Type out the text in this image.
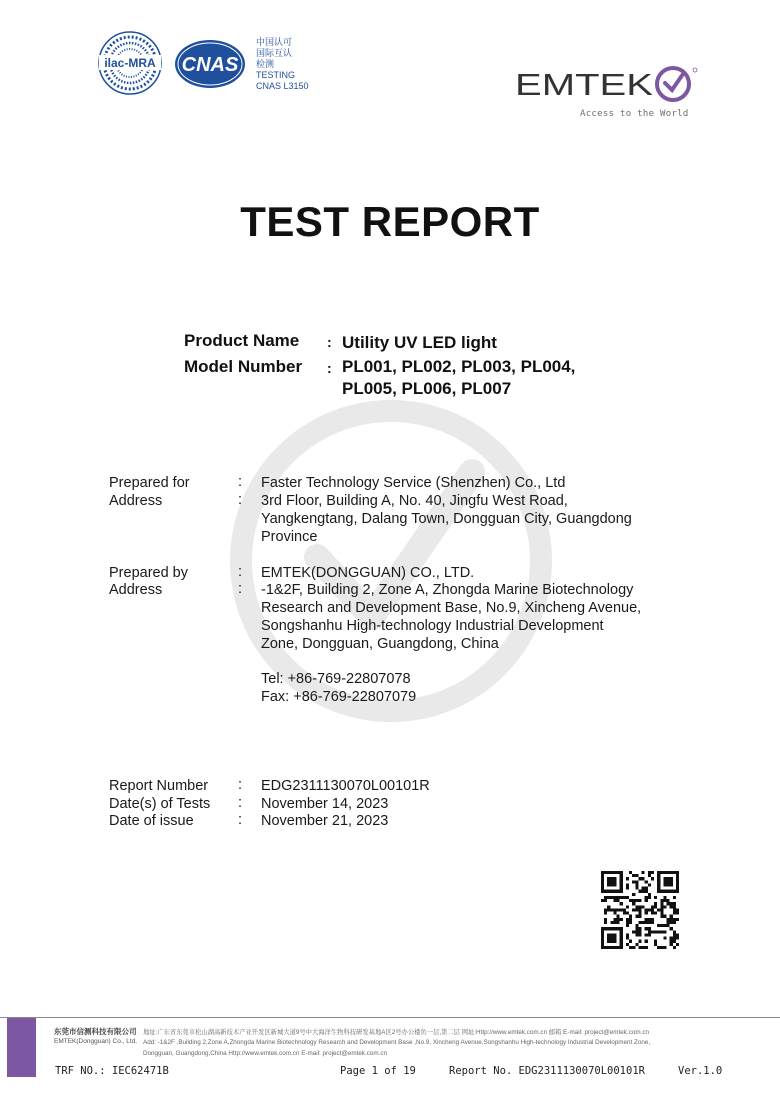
ilac-MRA CNAS
中国认可
国际互认
检测
TESTING
CNAS L3150	EMTEK
Access to the World
TEST REPORT
Product Name : Utility UV LED light
Model Number : PL001, PL002, PL003, PL004,
PL005, PL006, PL007
Prepared for	: Faster Technology Service (Shenzhen) Co., Ltd
Address	: 3rd Floor, Building A, No. 40, Jingfu West Road,
Yangkengtang, Dalang Town, Dongguan City, Guangdong
Province
Prepared by	: EMTEK(DONGGUAN) CO., LTD.
Address	: -1&2F, Building 2, Zone A, Zhongda Marine Biotechnology
Research and Development Base, No.9, Xincheng Avenue,
Songshanhu High-technology Industrial Development
Zone, Dongguan, Guangdong, China
Tel: +86-769-22807078
Fax: +86-769-22807079
Report Number : EDG2311130070L00101R
Date(s) of Tests : November 14, 2023
Date of issue	: November 21, 2023
东莞市信测科技有限公司
EMTEK(Dongguan) Co., Ltd.
地址:广东省东莞市松山湖高新技术产业开发区新城大道9号中大海洋生物科技研发基地A区2号办公楼负一层,第二层 网址:Http://www.emtek.com.cn 邮箱:E-mail: project@emtek.com.cn
Add: -1&2F ,Building 2,Zone A,Zhongda Marine Biotechnology Research and Development Base ,No.9, Xincheng Avenue,Songshanhu High-technology Industrial Development Zone,
Dongguan, Guangdong,China Http://www.emtek.com.cn E-mail: project@emtek.com.cn
TRF NO.: IEC62471B	Page 1 of 19	Report No. EDG2311130070L00101R	Ver.1.0
